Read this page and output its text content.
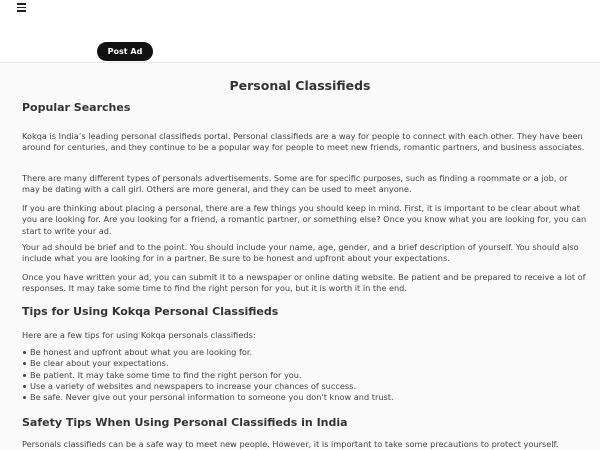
Post Ad
Personal Classifieds
Popular Searches

Kokqa is India’s leading personal classifieds portal. Personal classifieds are a way for people to connect with each other. They have been around for centuries, and they continue to be a popular way for people to meet new friends, romantic partners, and business associates.

There are many different types of personals advertisements. Some are for specific purposes, such as finding a roommate or a job, or may be dating with a call girl. Others are more general, and they can be used to meet anyone.

If you are thinking about placing a personal, there are a few things you should keep in mind. First, it is important to be clear about what you are looking for. Are you looking for a friend, a romantic partner, or something else? Once you know what you are looking for, you can start to write your ad.

Your ad should be brief and to the point. You should include your name, age, gender, and a brief description of yourself. You should also include what you are looking for in a partner. Be sure to be honest and upfront about your expectations.

Once you have written your ad, you can submit it to a newspaper or online dating website. Be patient and be prepared to receive a lot of responses. It may take some time to find the right person for you, but it is worth it in the end.

Tips for Using Kokqa Personal Classifieds

Here are a few tips for using Kokqa personals classifieds:

Be honest and upfront about what you are looking for.
Be clear about your expectations.
Be patient. It may take some time to find the right person for you.
Use a variety of websites and newspapers to increase your chances of success.
Be safe. Never give out your personal information to someone you don't know and trust.
Safety Tips When Using Personal Classifieds in India

Personals classifieds can be a safe way to meet new people. However, it is important to take some precautions to protect yourself.
